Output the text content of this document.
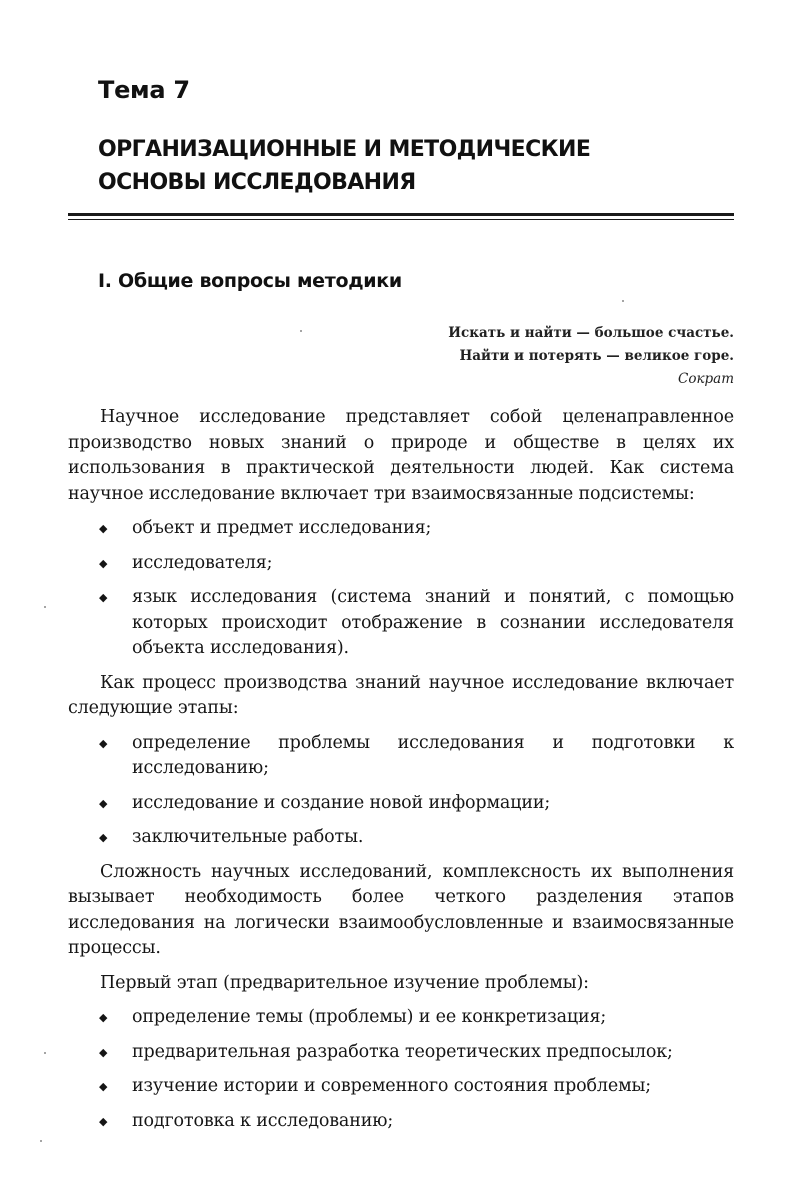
Тема 7
ОРГАНИЗАЦИОННЫЕ И МЕТОДИЧЕСКИЕ
ОСНОВЫ ИССЛЕДОВАНИЯ
I. Общие вопросы методики
Искать и найти — большое счастье.
Найти и потерять — великое горе.
Сократ

Научное исследование представляет собой целенаправленное производство новых знаний о природе и обществе в целях их использования в практической деятельности людей. Как система научное исследование включает три взаимосвязанные подсистемы:

◆ объект и предмет исследования;
◆ исследователя;
◆ язык исследования (система знаний и понятий, с помощью которых происходит отображение в сознании исследователя объекта исследования).

Как процесс производства знаний научное исследование включает следующие этапы:

◆ определение проблемы исследования и подготовки к исследованию;
◆ исследование и создание новой информации;
◆ заключительные работы.

Сложность научных исследований, комплексность их выполнения вызывает необходимость более четкого разделения этапов исследования на логически взаимообусловленные и взаимосвязанные процессы.

Первый этап (предварительное изучение проблемы):

◆ определение темы (проблемы) и ее конкретизация;
◆ предварительная разработка теоретических предпосылок;
◆ изучение истории и современного состояния проблемы;
◆ подготовка к исследованию;
